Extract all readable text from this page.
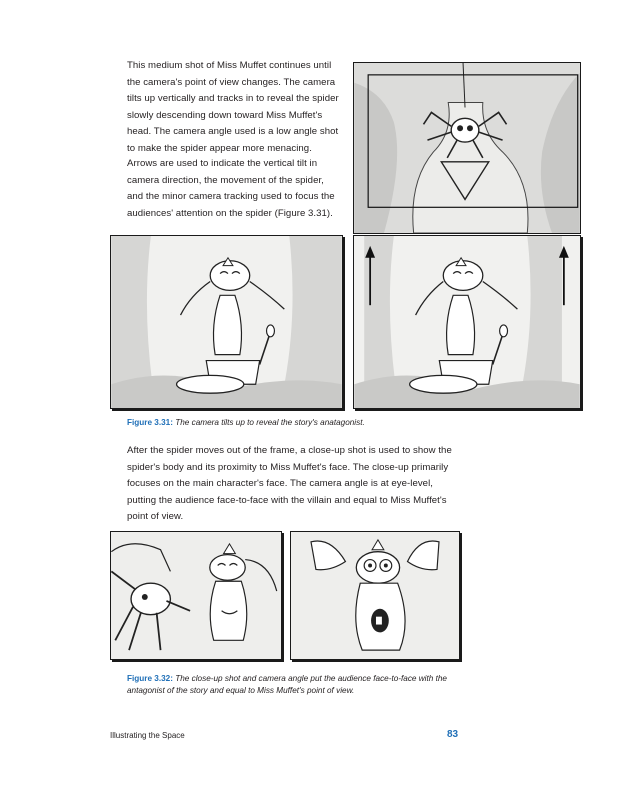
This medium shot of Miss Muffet continues until the camera's point of view changes. The camera tilts up vertically and tracks in to reveal the spider slowly descending down toward Miss Muffet's head. The camera angle used is a low angle shot to make the spider appear more menacing.

Arrows are used to indicate the vertical tilt in camera direction, the movement of the spider, and the minor camera tracking used to focus the audiences' attention on the spider (Figure 3.31).

Figure 3.31: The camera tilts up to reveal the story's anatagonist.

After the spider moves out of the frame, a close-up shot is used to show the spider's body and its proximity to Miss Muffet's face. The close-up primarily focuses on the main character's face. The camera angle is at eye-level, putting the audience face-to-face with the villain and equal to Miss Muffet's point of view.

Figure 3.32: The close-up shot and camera angle put the audience face-to-face with the antagonist of the story and equal to Miss Muffet's point of view.
Illustrating the Space	83
